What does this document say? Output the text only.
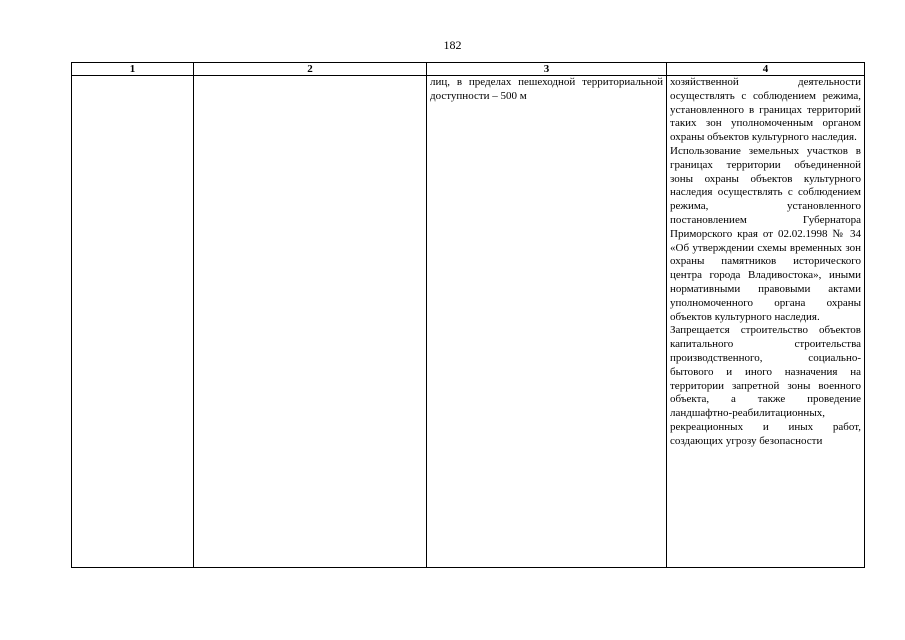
182
1	2	3	4

		лиц, в пределах пешеходной территориальной доступности – 500 м	хозяйственной деятельности осуществлять с соблюдением режима, установленного в границах территорий таких зон уполномоченным органом охраны объектов культурного наследия.

Использование земельных участков в границах территории объединенной зоны охраны объектов культурного наследия осуществлять с соблюдением режима, установленного постановлением Губернатора Приморского края от 02.02.1998 № 34 «Об утверждении схемы временных зон охраны памятников исторического центра города Владивостока», иными нормативными правовыми актами уполномоченного органа охраны объектов культурного наследия.

Запрещается строительство объектов капитального строительства производственного, социально-бытового и иного назначения на территории запретной зоны военного объекта, а также проведение ландшафтно-реабилитационных, рекреационных и иных работ, создающих угрозу безопасности
